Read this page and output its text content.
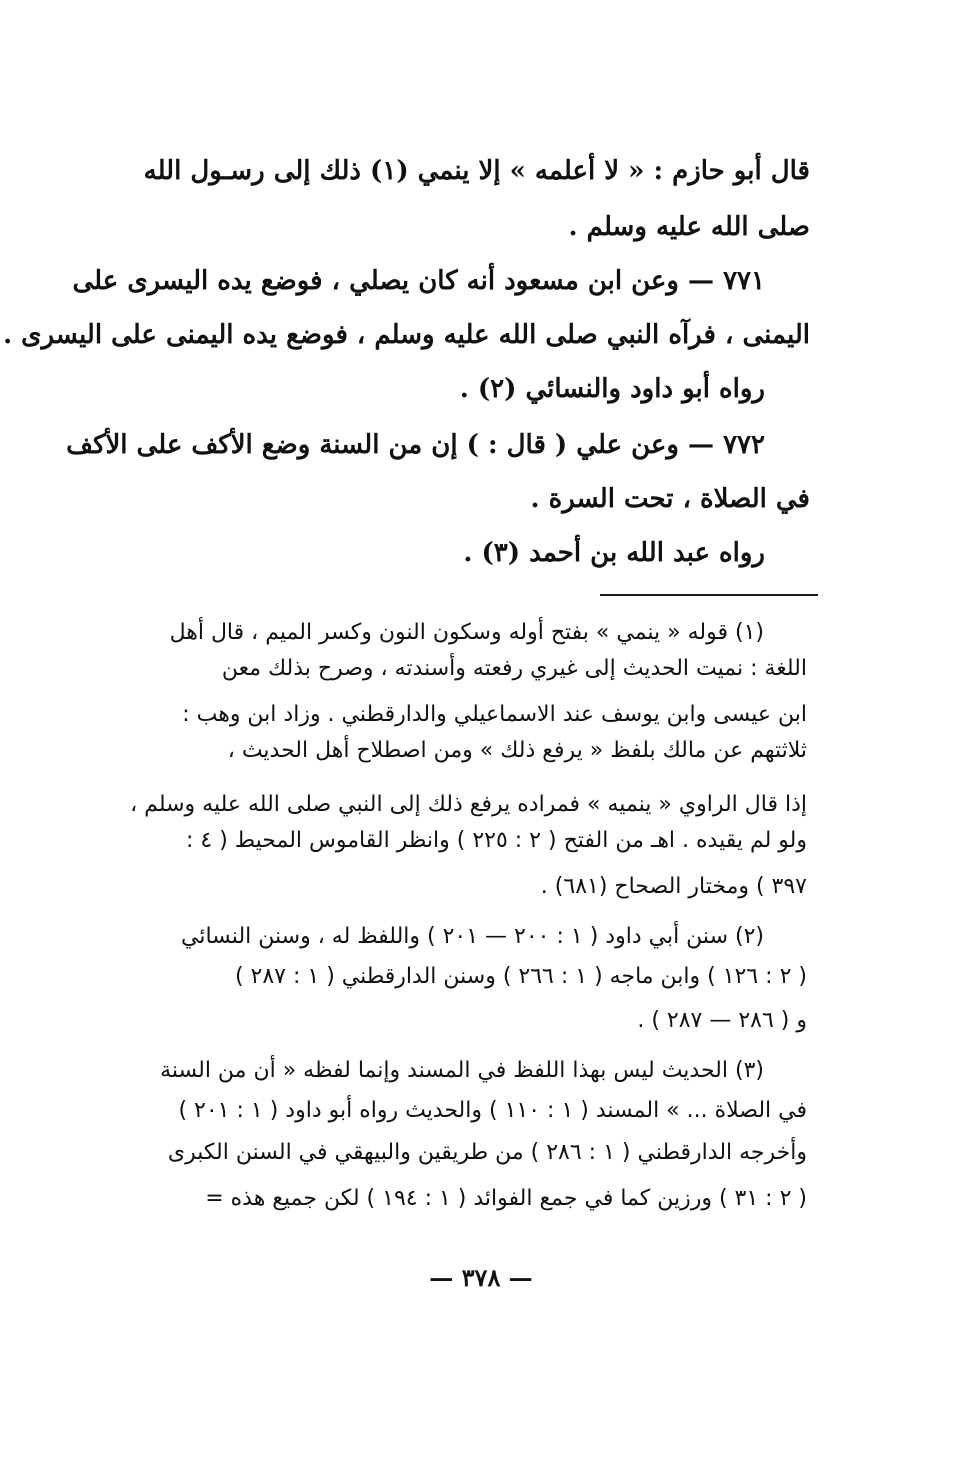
قال أبو حازم : « لا أعلمه » إلا ينمي (١) ذلك إلى رسـول الله
صلى الله عليه وسلم .
٧٧١ — وعن ابن مسعود أنه كان يصلي ، فوضع يده اليسرى على
اليمنى ، فرآه النبي صلى الله عليه وسلم ، فوضع يده اليمنى على اليسرى .
رواه أبو داود والنسائي (٢) .
٧٧٢ — وعن علي ( قال : ) إن من السنة وضع الأكف على الأكف
في الصلاة ، تحت السرة .
رواه عبد الله بن أحمد (٣) .
(١) قوله « ينمي » بفتح أوله وسكون النون وكسر الميم ، قال أهل
اللغة : نميت الحديث إلى غيري رفعته وأسندته ، وصرح بذلك معن
ابن عيسى وابن يوسف عند الاسماعيلي والدارقطني . وزاد ابن وهب :
ثلاثتهم عن مالك بلفظ « يرفع ذلك » ومن اصطلاح أهل الحديث ،
إذا قال الراوي « ينميه » فمراده يرفع ذلك إلى النبي صلى الله عليه وسلم ،
ولو لم يقيده . اهـ من الفتح ( ٢ : ٢٢٥ ) وانظر القاموس المحيط ( ٤ :
٣٩٧ ) ومختار الصحاح (٦٨١) .
(٢) سنن أبي داود ( ١ : ٢٠٠ — ٢٠١ ) واللفظ له ، وسنن النسائي
( ٢ : ١٢٦ ) وابن ماجه ( ١ : ٢٦٦ ) وسنن الدارقطني ( ١ : ٢٨٧ )
و ( ٢٨٦ — ٢٨٧ ) .
(٣) الحديث ليس بهذا اللفظ في المسند وإنما لفظه « أن من السنة
في الصلاة ... » المسند ( ١ : ١١٠ ) والحديث رواه أبو داود ( ١ : ٢٠١ )
وأخرجه الدارقطني ( ١ : ٢٨٦ ) من طريقين والبيهقي في السنن الكبرى
( ٢ : ٣١ ) ورزين كما في جمع الفوائد ( ١ : ١٩٤ ) لكن جميع هذه =
— ٣٧٨ —
